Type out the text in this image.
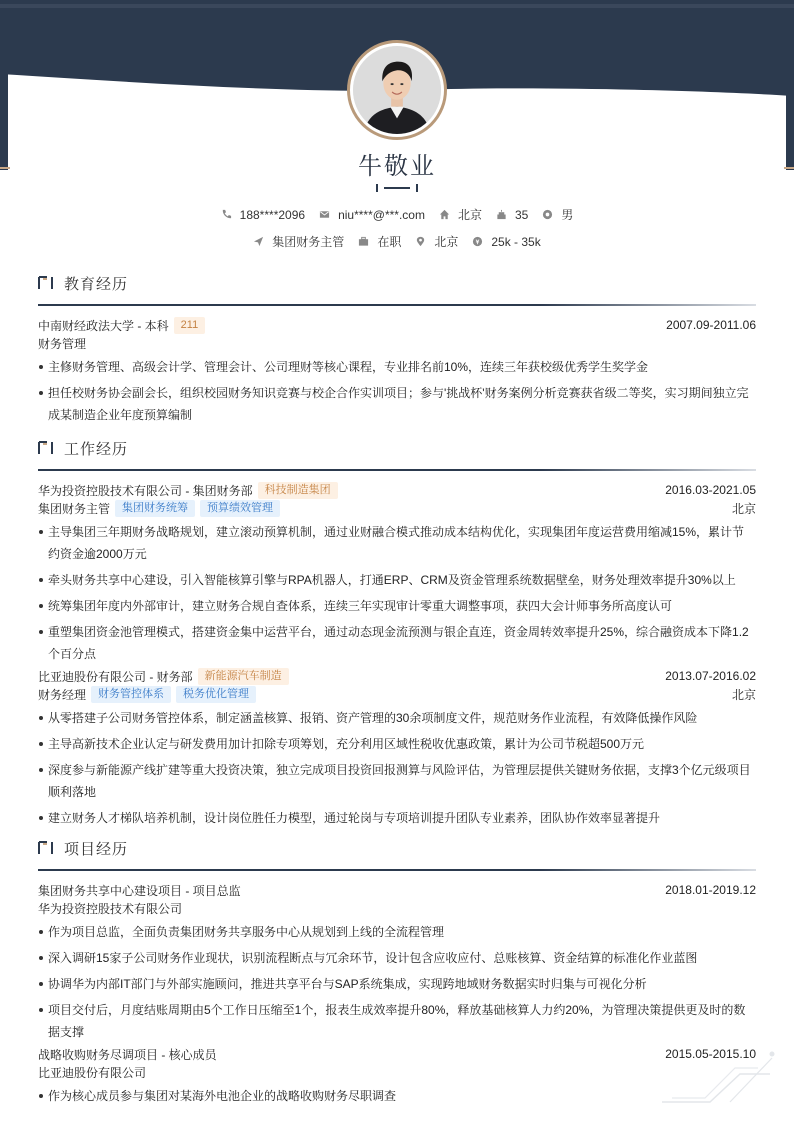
牛敬业
188****2096	niu****@***.com	北京	35	男
集团财务主管	在职	北京	25k - 35k
教育经历
中南财经政法大学 - 本科	211	2007.09-2011.06
财务管理
主修财务管理、高级会计学、管理会计、公司理财等核心课程，专业排名前10%，连续三年获校级优秀学生奖学金
担任校财务协会副会长，组织校园财务知识竞赛与校企合作实训项目；参与'挑战杯'财务案例分析竞赛获省级二等奖，实习期间独立完成某制造企业年度预算编制
工作经历
华为投资控股技术有限公司 - 集团财务部	科技制造集团	2016.03-2021.05
集团财务主管	集团财务统筹	预算绩效管理	北京
主导集团三年期财务战略规划，建立滚动预算机制，通过业财融合模式推动成本结构优化，实现集团年度运营费用缩减15%，累计节约资金逾2000万元
牵头财务共享中心建设，引入智能核算引擎与RPA机器人，打通ERP、CRM及资金管理系统数据壁垒，财务处理效率提升30%以上
统筹集团年度内外部审计，建立财务合规自查体系，连续三年实现审计零重大调整事项，获四大会计师事务所高度认可
重塑集团资金池管理模式，搭建资金集中运营平台，通过动态现金流预测与银企直连，资金周转效率提升25%，综合融资成本下降1.2个百分点
比亚迪股份有限公司 - 财务部	新能源汽车制造	2013.07-2016.02
财务经理	财务管控体系	税务优化管理	北京
从零搭建子公司财务管控体系，制定涵盖核算、报销、资产管理的30余项制度文件，规范财务作业流程，有效降低操作风险
主导高新技术企业认定与研发费用加计扣除专项筹划，充分利用区域性税收优惠政策，累计为公司节税超500万元
深度参与新能源产线扩建等重大投资决策，独立完成项目投资回报测算与风险评估，为管理层提供关键财务依据，支撑3个亿元级项目顺利落地
建立财务人才梯队培养机制，设计岗位胜任力模型，通过轮岗与专项培训提升团队专业素养，团队协作效率显著提升
项目经历
集团财务共享中心建设项目 - 项目总监	2018.01-2019.12
华为投资控股技术有限公司
作为项目总监，全面负责集团财务共享服务中心从规划到上线的全流程管理
深入调研15家子公司财务作业现状，识别流程断点与冗余环节，设计包含应收应付、总账核算、资金结算的标准化作业蓝图
协调华为内部IT部门与外部实施顾问，推进共享平台与SAP系统集成，实现跨地域财务数据实时归集与可视化分析
项目交付后，月度结账周期由5个工作日压缩至1个，报表生成效率提升80%，释放基础核算人力约20%，为管理决策提供更及时的数据支撑
战略收购财务尽调项目 - 核心成员	2015.05-2015.10
比亚迪股份有限公司
作为核心成员参与集团对某海外电池企业的战略收购财务尽职调查
